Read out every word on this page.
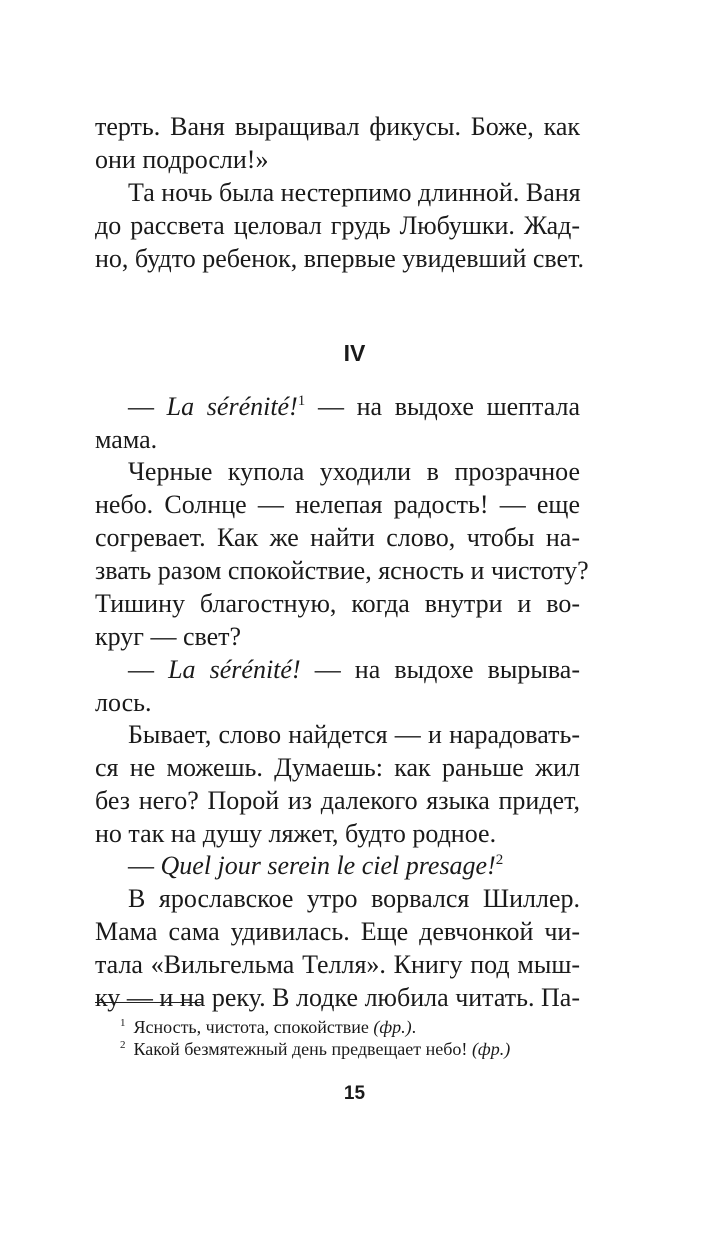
терть. Ваня выращивал фикусы. Боже, как
они подросли!»
Та ночь была нестерпимо длинной. Ваня
до рассвета целовал грудь Любушки. Жад-
но, будто ребенок, впервые увидевший свет.
IV
— La sérénité!$^1$ — на выдохе шептала
мама.
Черные купола уходили в прозрачное
небо. Солнце — нелепая радость! — еще
согревает. Как же найти слово, чтобы на-
звать разом спокойствие, ясность и чистоту?
Тишину благостную, когда внутри и во-
круг — свет?
— La sérénité! — на выдохе вырыва-
лось.
Бывает, слово найдется — и нарадовать-
ся не можешь. Думаешь: как раньше жил
без него? Порой из далекого языка придет,
но так на душу ляжет, будто родное.
— Quel jour serein le ciel presage!$^2$
В ярославское утро ворвался Шиллер.
Мама сама удивилась. Еще девчонкой чи-
тала «Вильгельма Телля». Книгу под мыш-
ку — и на реку. В лодке любила читать. Па-
$^1$ Ясность, чистота, спокойствие (фр.).
$^2$ Какой безмятежный день предвещает небо! (фр.)
15
